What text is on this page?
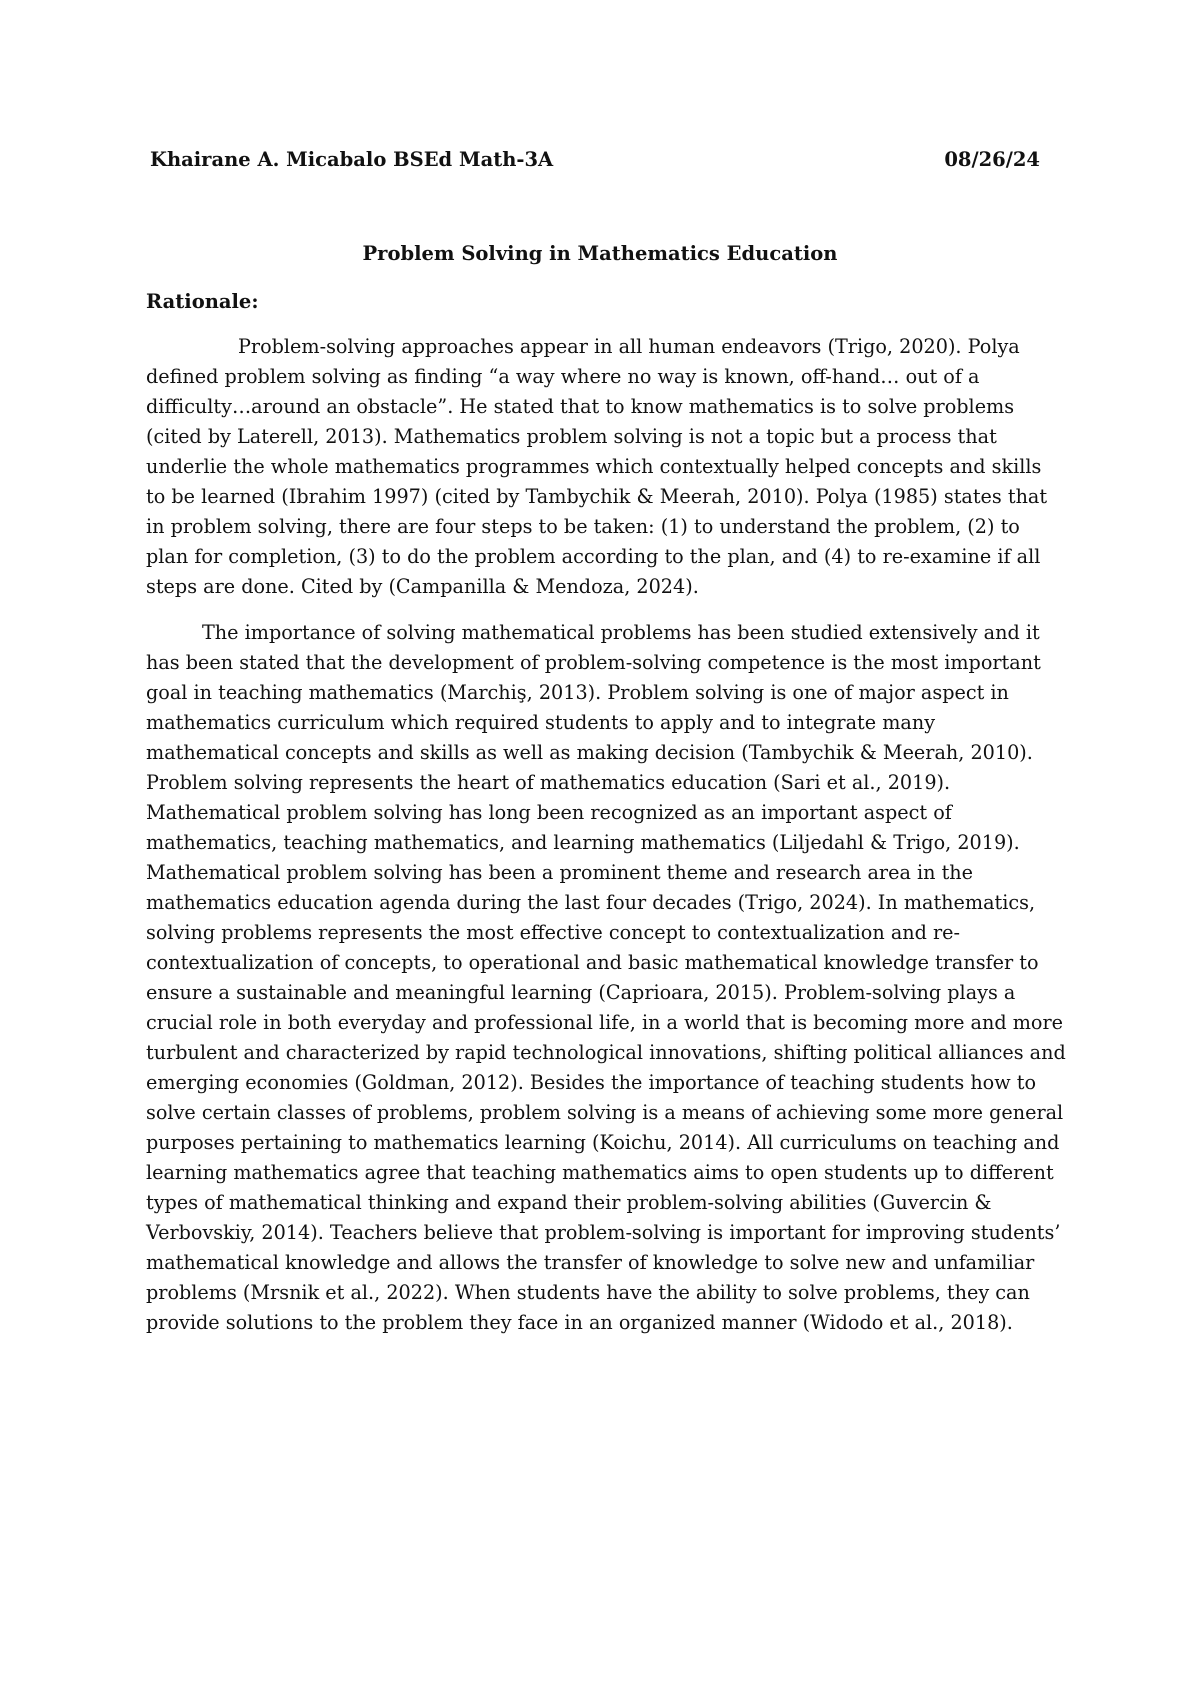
Khairane A. Micabalo BSEd Math-3A	08/26/24
Problem Solving in Mathematics Education
Rationale:

Problem-solving approaches appear in all human endeavors (Trigo, 2020). Polya defined problem solving as finding “a way where no way is known, off-hand… out of a difficulty…around an obstacle”. He stated that to know mathematics is to solve problems (cited by Laterell, 2013). Mathematics problem solving is not a topic but a process that underlie the whole mathematics programmes which contextually helped concepts and skills to be learned (Ibrahim 1997) (cited by Tambychik & Meerah, 2010). Polya (1985) states that in problem solving, there are four steps to be taken: (1) to understand the problem, (2) to plan for completion, (3) to do the problem according to the plan, and (4) to re-examine if all steps are done. Cited by (Campanilla & Mendoza, 2024).

The importance of solving mathematical problems has been studied extensively and it has been stated that the development of problem-solving competence is the most important goal in teaching mathematics (Marchiş, 2013). Problem solving is one of major aspect in mathematics curriculum which required students to apply and to integrate many mathematical concepts and skills as well as making decision (Tambychik & Meerah, 2010). Problem solving represents the heart of mathematics education (Sari et al., 2019). Mathematical problem solving has long been recognized as an important aspect of mathematics, teaching mathematics, and learning mathematics (Liljedahl & Trigo, 2019). Mathematical problem solving has been a prominent theme and research area in the mathematics education agenda during the last four decades (Trigo, 2024). In mathematics, solving problems represents the most effective concept to contextualization and re-contextualization of concepts, to operational and basic mathematical knowledge transfer to ensure a sustainable and meaningful learning (Caprioara, 2015). Problem-solving plays a crucial role in both everyday and professional life, in a world that is becoming more and more turbulent and characterized by rapid technological innovations, shifting political alliances and emerging economies (Goldman, 2012). Besides the importance of teaching students how to solve certain classes of problems, problem solving is a means of achieving some more general purposes pertaining to mathematics learning (Koichu, 2014). All curriculums on teaching and learning mathematics agree that teaching mathematics aims to open students up to different types of mathematical thinking and expand their problem-solving abilities (Guvercin & Verbovskiy, 2014). Teachers believe that problem-solving is important for improving students’ mathematical knowledge and allows the transfer of knowledge to solve new and unfamiliar problems (Mrsnik et al., 2022). When students have the ability to solve problems, they can provide solutions to the problem they face in an organized manner (Widodo et al., 2018).
